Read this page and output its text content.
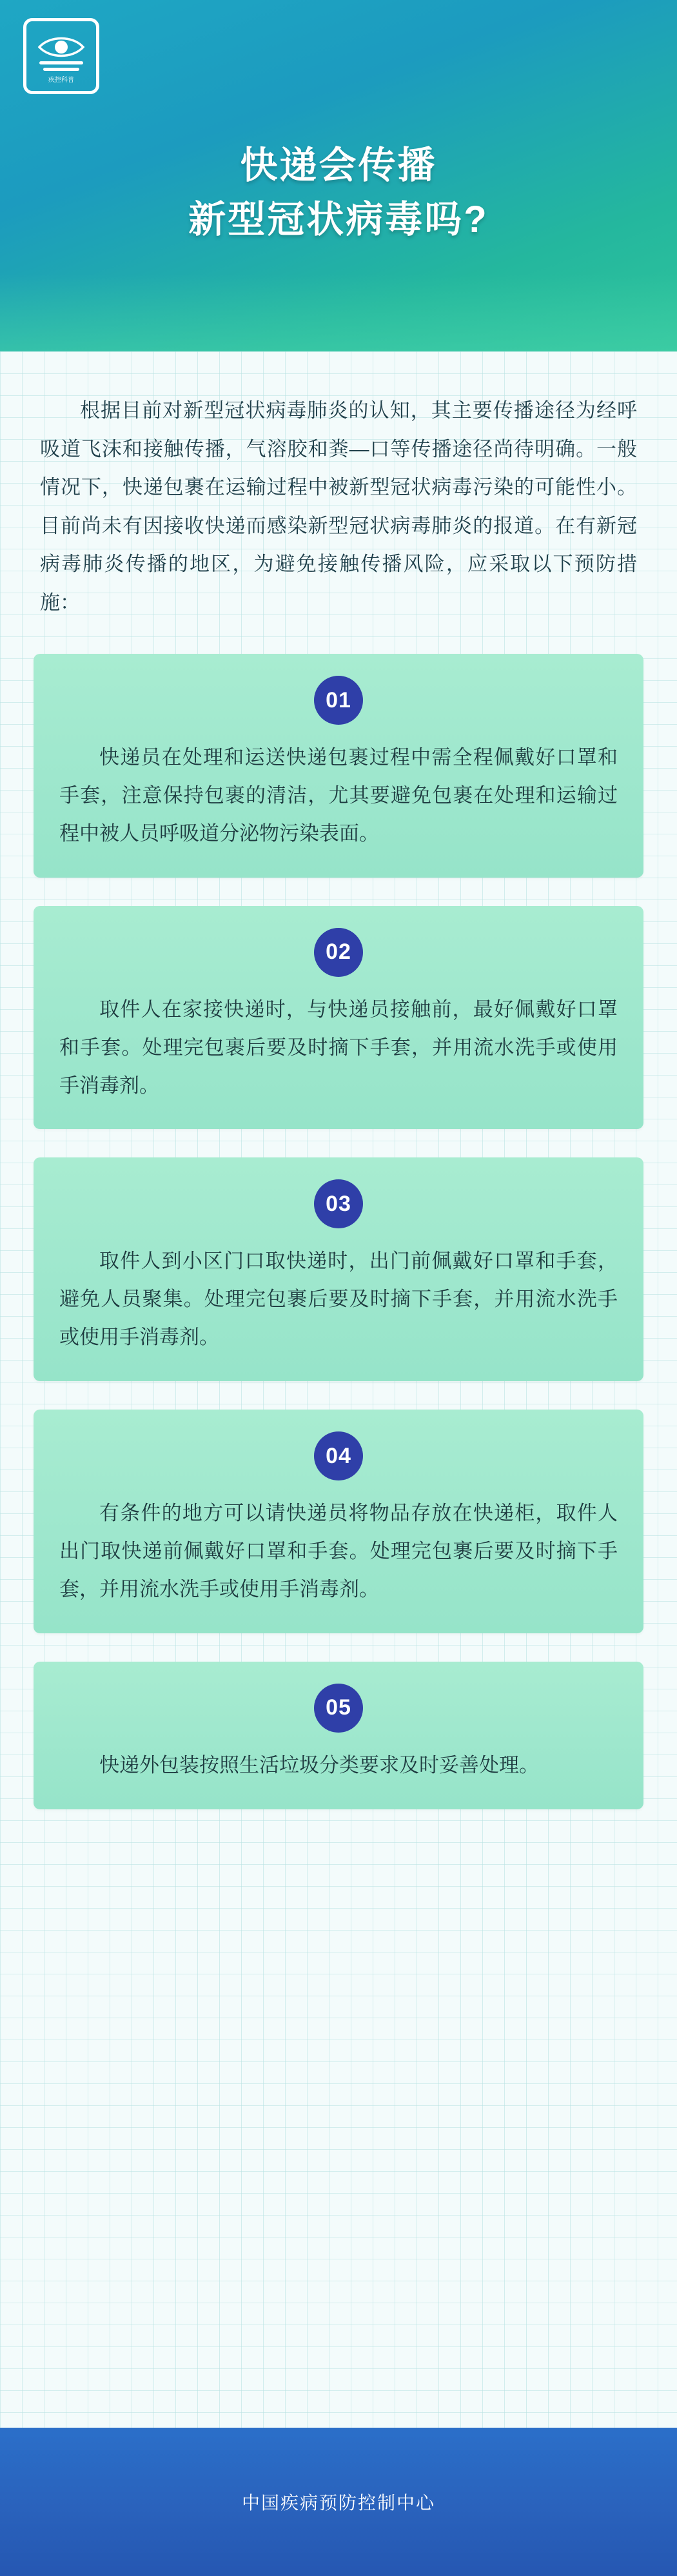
疾控科普
快递会传播
新型冠状病毒吗?

根据目前对新型冠状病毒肺炎的认知，其主要传播途径为经呼吸道飞沫和接触传播，气溶胶和粪—口等传播途径尚待明确。一般情况下，快递包裹在运输过程中被新型冠状病毒污染的可能性小。目前尚未有因接收快递而感染新型冠状病毒肺炎的报道。在有新冠病毒肺炎传播的地区，为避免接触传播风险，应采取以下预防措施：

01

快递员在处理和运送快递包裹过程中需全程佩戴好口罩和手套，注意保持包裹的清洁，尤其要避免包裹在处理和运输过程中被人员呼吸道分泌物污染表面。

02

取件人在家接快递时，与快递员接触前，最好佩戴好口罩和手套。处理完包裹后要及时摘下手套，并用流水洗手或使用手消毒剂。

03

取件人到小区门口取快递时，出门前佩戴好口罩和手套，避免人员聚集。处理完包裹后要及时摘下手套，并用流水洗手或使用手消毒剂。

04

有条件的地方可以请快递员将物品存放在快递柜，取件人出门取快递前佩戴好口罩和手套。处理完包裹后要及时摘下手套，并用流水洗手或使用手消毒剂。

05

快递外包装按照生活垃圾分类要求及时妥善处理。

中国疾病预防控制中心
